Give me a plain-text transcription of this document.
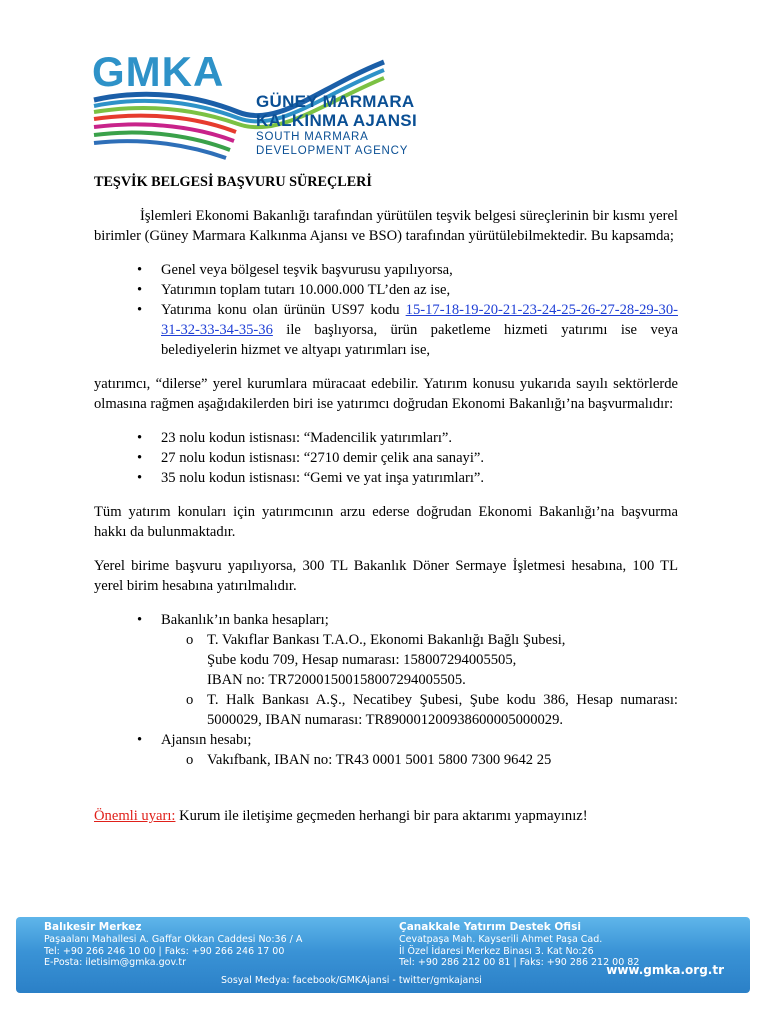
GMKA
GÜNEY MARMARA
KALKINMA AJANSI
SOUTH MARMARA
DEVELOPMENT AGENCY
TEŞVİK BELGESİ BAŞVURU SÜREÇLERİ

İşlemleri Ekonomi Bakanlığı tarafından yürütülen teşvik belgesi süreçlerinin bir kısmı yerel birimler (Güney Marmara Kalkınma Ajansı ve BSO) tarafından yürütülebilmektedir. Bu kapsamda;

• Genel veya bölgesel teşvik başvurusu yapılıyorsa,
• Yatırımın toplam tutarı 10.000.000 TL’den az ise,
• Yatırıma konu olan ürünün US97 kodu 15-17-18-19-20-21-23-24-25-26-27-28-29-30-31-32-33-34-35-36 ile başlıyorsa, ürün paketleme hizmeti yatırımı ise veya belediyelerin hizmet ve altyapı yatırımları ise,

yatırımcı, “dilerse” yerel kurumlara müracaat edebilir. Yatırım konusu yukarıda sayılı sektörlerde olmasına rağmen aşağıdakilerden biri ise yatırımcı doğrudan Ekonomi Bakanlığı’na başvurmalıdır:

• 23 nolu kodun istisnası: “Madencilik yatırımları”.
• 27 nolu kodun istisnası: “2710 demir çelik ana sanayi”.
• 35 nolu kodun istisnası: “Gemi ve yat inşa yatırımları”.

Tüm yatırım konuları için yatırımcının arzu ederse doğrudan Ekonomi Bakanlığı’na başvurma hakkı da bulunmaktadır.

Yerel birime başvuru yapılıyorsa, 300 TL Bakanlık Döner Sermaye İşletmesi hesabına, 100 TL yerel birim hesabına yatırılmalıdır.

• Bakanlık’ın banka hesapları;
o T. Vakıflar Bankası T.A.O., Ekonomi Bakanlığı Bağlı Şubesi,
Şube kodu 709, Hesap numarası: 158007294005505,
IBAN no: TR720001500158007294005505.
o T. Halk Bankası A.Ş., Necatibey Şubesi, Şube kodu 386, Hesap numarası: 5000029, IBAN numarası: TR890001200938600005000029.
• Ajansın hesabı;
o Vakıfbank, IBAN no: TR43 0001 5001 5800 7300 9642 25

Önemli uyarı: Kurum ile iletişime geçmeden herhangi bir para aktarımı yapmayınız!

Balıkesir Merkez
Paşaalanı Mahallesi A. Gaffar Okkan Caddesi No:36 / A
Tel: +90 266 246 10 00 | Faks: +90 266 246 17 00
E-Posta: iletisim@gmka.gov.tr
Çanakkale Yatırım Destek Ofisi
Cevatpaşa Mah. Kayserili Ahmet Paşa Cad.
İl Özel İdaresi Merkez Binası 3. Kat No:26
Tel: +90 286 212 00 81 | Faks: +90 286 212 00 82
www.gmka.org.tr
Sosyal Medya: facebook/GMKAjansi - twitter/gmkajansi
